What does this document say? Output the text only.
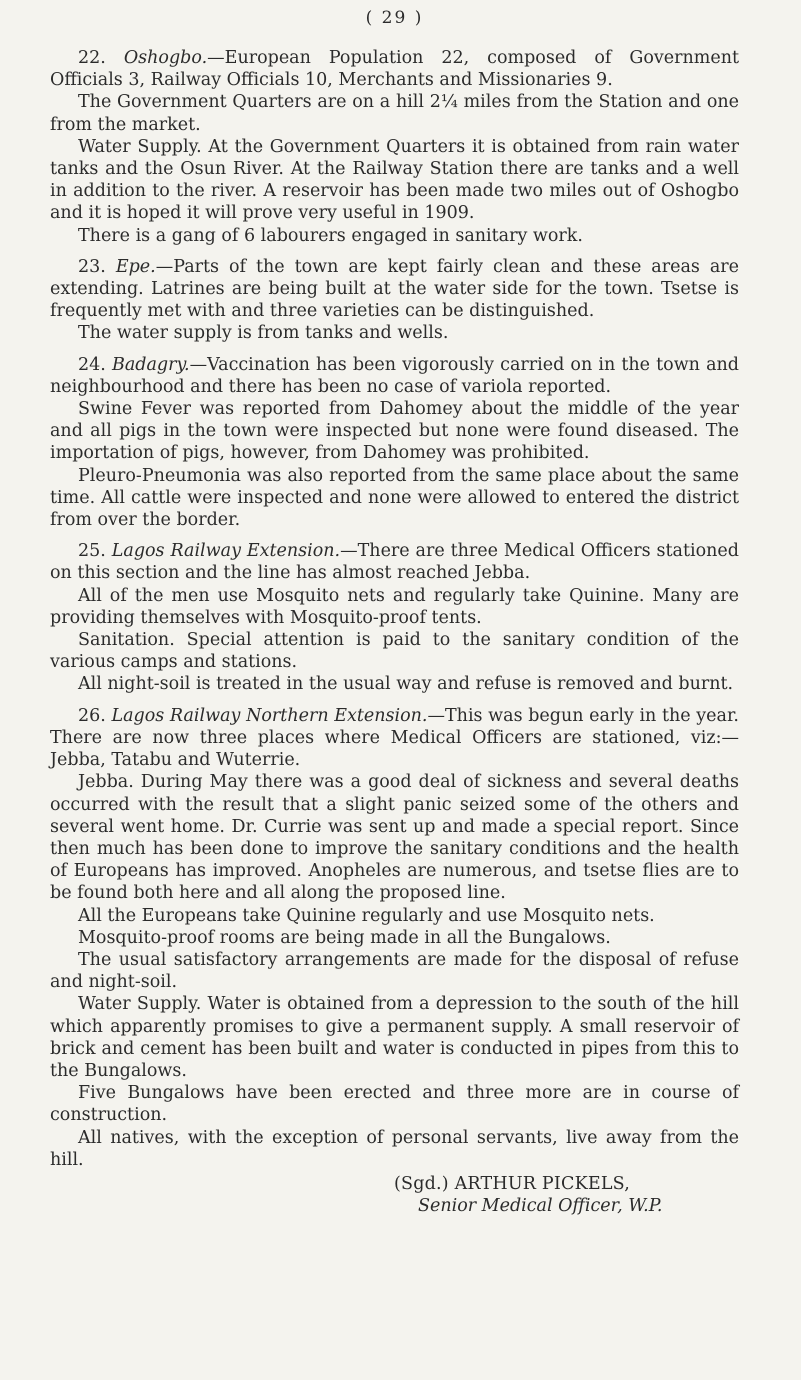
( 29 )

22. Oshogbo.—European Population 22, composed of Government Officials 3, Railway Officials 10, Merchants and Missionaries 9.

The Government Quarters are on a hill 2¼ miles from the Station and one from the market.

Water Supply. At the Government Quarters it is obtained from rain water tanks and the Osun River. At the Railway Station there are tanks and a well in addition to the river. A reservoir has been made two miles out of Oshogbo and it is hoped it will prove very useful in 1909.

There is a gang of 6 labourers engaged in sanitary work.

23. Epe.—Parts of the town are kept fairly clean and these areas are extending. Latrines are being built at the water side for the town. Tsetse is frequently met with and three varieties can be distinguished.

The water supply is from tanks and wells.

24. Badagry.—Vaccination has been vigorously carried on in the town and neighbourhood and there has been no case of variola reported.

Swine Fever was reported from Dahomey about the middle of the year and all pigs in the town were inspected but none were found diseased. The importation of pigs, however, from Dahomey was prohibited.

Pleuro-Pneumonia was also reported from the same place about the same time. All cattle were inspected and none were allowed to entered the district from over the border.

25. Lagos Railway Extension.—There are three Medical Officers stationed on this section and the line has almost reached Jebba.

All of the men use Mosquito nets and regularly take Quinine. Many are providing themselves with Mosquito-proof tents.

Sanitation. Special attention is paid to the sanitary condition of the various camps and stations.

All night-soil is treated in the usual way and refuse is removed and burnt.

26. Lagos Railway Northern Extension.—This was begun early in the year. There are now three places where Medical Officers are stationed, viz:—Jebba, Tatabu and Wuterrie.

Jebba. During May there was a good deal of sickness and several deaths occurred with the result that a slight panic seized some of the others and several went home. Dr. Currie was sent up and made a special report. Since then much has been done to improve the sanitary conditions and the health of Europeans has improved. Anopheles are numerous, and tsetse flies are to be found both here and all along the proposed line.

All the Europeans take Quinine regularly and use Mosquito nets.

Mosquito-proof rooms are being made in all the Bungalows.

The usual satisfactory arrangements are made for the disposal of refuse and night-soil.

Water Supply. Water is obtained from a depression to the south of the hill which apparently promises to give a permanent supply. A small reservoir of brick and cement has been built and water is conducted in pipes from this to the Bungalows.

Five Bungalows have been erected and three more are in course of construction.

All natives, with the exception of personal servants, live away from the hill.

(Sgd.) ARTHUR PICKELS,
Senior Medical Officer, W.P.
